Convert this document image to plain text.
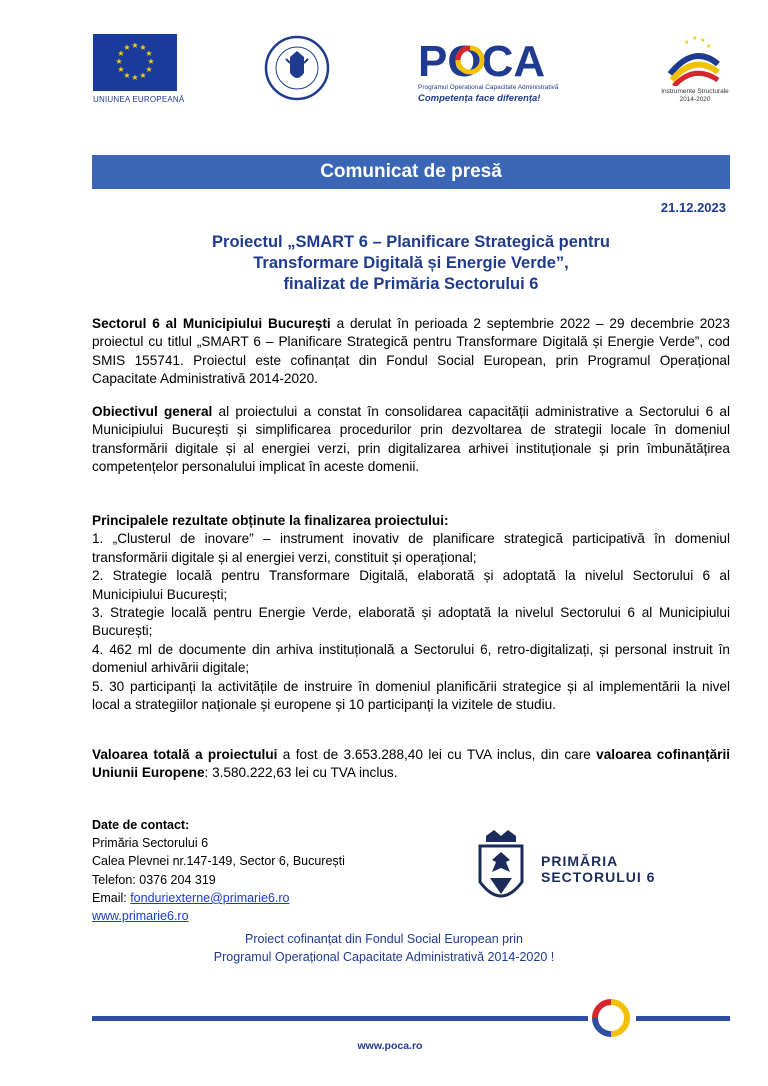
★ ★
★
★
★
★
★
★
★
★
★
★
UNIUNEA EUROPEANĂ
POCA
Programul Operațional Capacitate Administrativă
Competența face diferența!
★
★ ★
★
Instrumente Structurale
2014-2020
Comunicat de presă
21.12.2023
Proiectul „SMART 6 – Planificare Strategică pentru
Transformare Digitală și Energie Verde”,
finalizat de Primăria Sectorului 6
Sectorul 6 al Municipiului București a derulat în perioada 2 septembrie 2022 – 29 decembrie 2023 proiectul cu titlul „SMART 6 – Planificare Strategică pentru Transformare Digitală și Energie Verde”, cod SMIS 155741. Proiectul este cofinanțat din Fondul Social European, prin Programul Operațional Capacitate Administrativă 2014-2020.
Obiectivul general al proiectului a constat în consolidarea capacității administrative a Sectorului 6 al Municipiului București și simplificarea procedurilor prin dezvoltarea de strategii locale în domeniul transformării digitale și al energiei verzi, prin digitalizarea arhivei instituționale și prin îmbunătățirea competențelor personalului implicat în aceste domenii.
Principalele rezultate obținute la finalizarea proiectului:

1. „Clusterul de inovare” – instrument inovativ de planificare strategică participativă în domeniul transformării digitale și al energiei verzi, constituit și operațional;

2. Strategie locală pentru Transformare Digitală, elaborată și adoptată la nivelul Sectorului 6 al Municipiului București;

3. Strategie locală pentru Energie Verde, elaborată și adoptată la nivelul Sectorului 6 al Municipiului București;

4. 462 ml de documente din arhiva instituțională a Sectorului 6, retro-digitalizați, și personal instruit în domeniul arhivării digitale;

5. 30 participanți la activitățile de instruire în domeniul planificării strategice și al implementării la nivel local a strategiilor naționale și europene și 10 participanți la vizitele de studiu.

Valoarea totală a proiectului a fost de 3.653.288,40 lei cu TVA inclus, din care valoarea cofinanțării Uniunii Europene: 3.580.222,63 lei cu TVA inclus.
Date de contact:
Primăria Sectorului 6
Calea Plevnei nr.147-149, Sector 6, București
Telefon: 0376 204 319
Email: fonduriexterne@primarie6.ro
www.primarie6.ro
PRIMĂRIA
SECTORULUI 6
Proiect cofinanțat din Fondul Social European prin
Programul Operațional Capacitate Administrativă 2014-2020 !
www.poca.ro
